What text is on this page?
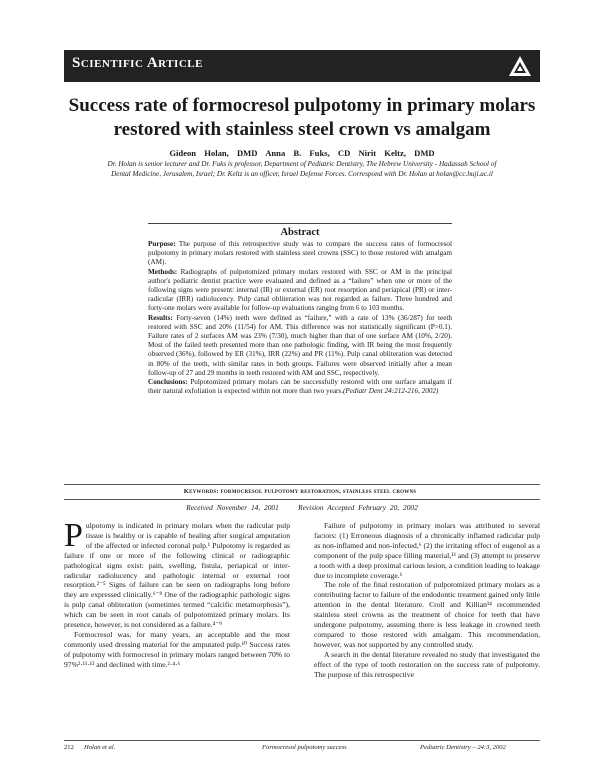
Scientific Article
Success rate of formocresol pulpotomy in primary molars restored with stainless steel crown vs amalgam
Gideon Holan, DMD Anna B. Fuks, CD Nirit Keltz, DMD
Dr. Holan is senior lecturer and Dr. Fuks is professor, Department of Pediatric Dentistry, The Hebrew University - Hadassah School of Dental Medicine, Jerusalem, Israel; Dr. Keltz is an officer, Israel Defense Forces. Correspond with Dr. Holan at holan@cc.huji.ac.il
Abstract

Purpose: The purpose of this retrospective study was to compare the success rates of formocresol pulpotomy in primary molars restored with stainless steel crowns (SSC) to those restored with amalgam (AM).

Methods: Radiographs of pulpotomized primary molars restored with SSC or AM in the principal author's pediatric dentist practice were evaluated and defined as a “failure” when one or more of the following signs were present: internal (IR) or external (ER) root resorption and periapical (PR) or inter-radicular (IRR) radiolucency. Pulp canal obliteration was not regarded as failure. Three hundred and forty-one molars were available for follow-up evaluations ranging from 6 to 103 months.

Results: Forty-seven (14%) teeth were defined as “failure,” with a rate of 13% (36/287) for teeth restored with SSC and 20% (11/54) for AM. This difference was not statistically significant (P>0.1). Failure rates of 2 surfaces AM was 23% (7/30), much higher than that of one surface AM (10%, 2/20). Most of the failed teeth presented more than one pathologic finding, with IR being the most frequently observed (36%), followed by ER (31%), IRR (22%) and PR (11%). Pulp canal obliteration was detected in 80% of the teeth, with similar rates in both groups. Failures were observed initially after a mean follow-up of 27 and 29 months in teeth restored with AM and SSC, respectively.

Conclusions: Pulpotomized primary molars can be successfully restored with one surface amalgam if their natural exfoliation is expected within not more than two years.(Pediatr Dent 24:212-216, 2002)

Keywords: formocresol pulpotomy restoration, stainless steel crowns
Received November 14, 2001	Revision Accepted February 20, 2002

Pulpotomy is indicated in primary molars when the radicular pulp tissue is healthy or is capable of healing after surgical amputation of the affected or infected coronal pulp.¹ Pulpotomy is regarded as failure if one or more of the following clinical or radiographic pathological signs exist: pain, swelling, fistula, periapical or inter-radicular radiolucency and pathologic internal or external root resorption.²⁻⁵ Signs of failure can be seen on radiographs long before they are expressed clinically.⁶⁻⁸ One of the radiographic pathologic signs is pulp canal obliteration (sometimes termed “calcific metamorphosis”), which can be seen in root canals of pulpotomized primary molars. Its presence, however, is not considered as a failure.⁴⁻⁹

Formocresol was, for many years, an acceptable and the most commonly used dressing material for the amputated pulp.¹⁰ Success rates of pulpotomy with formocresol in primary molars ranged between 70% to 97%²·¹¹·¹² and declined with time.²·⁴·⁶

Failure of pulpotomy in primary molars was attributed to several factors: (1) Erroneous diagnosis of a chronically inflamed radicular pulp as non-inflamed and non-infected,⁶ (2) the irritating effect of eugenol as a component of the pulp space filling material,¹³ and (3) attempt to preserve a tooth with a deep proximal carious lesion, a condition leading to leakage due to incomplete coverage.⁶

The role of the final restoration of pulpotomized primary molars as a contributing factor to failure of the endodontic treatment gained only little attention in the dental literature. Croll and Killian¹⁴ recommended stainless steel crowns as the treatment of choice for teeth that have undergone pulpotomy, assuming there is less leakage in crowned teeth compared to those restored with amalgam. This recommendation, however, was not supported by any controlled study.

A search in the dental literature revealed no study that investigated the effect of the type of tooth restoration on the success rate of pulpotomy. The purpose of this retrospective

212 Holan et al.	Formocresol pulpotomy success	Pediatric Dentistry – 24:3, 2002
